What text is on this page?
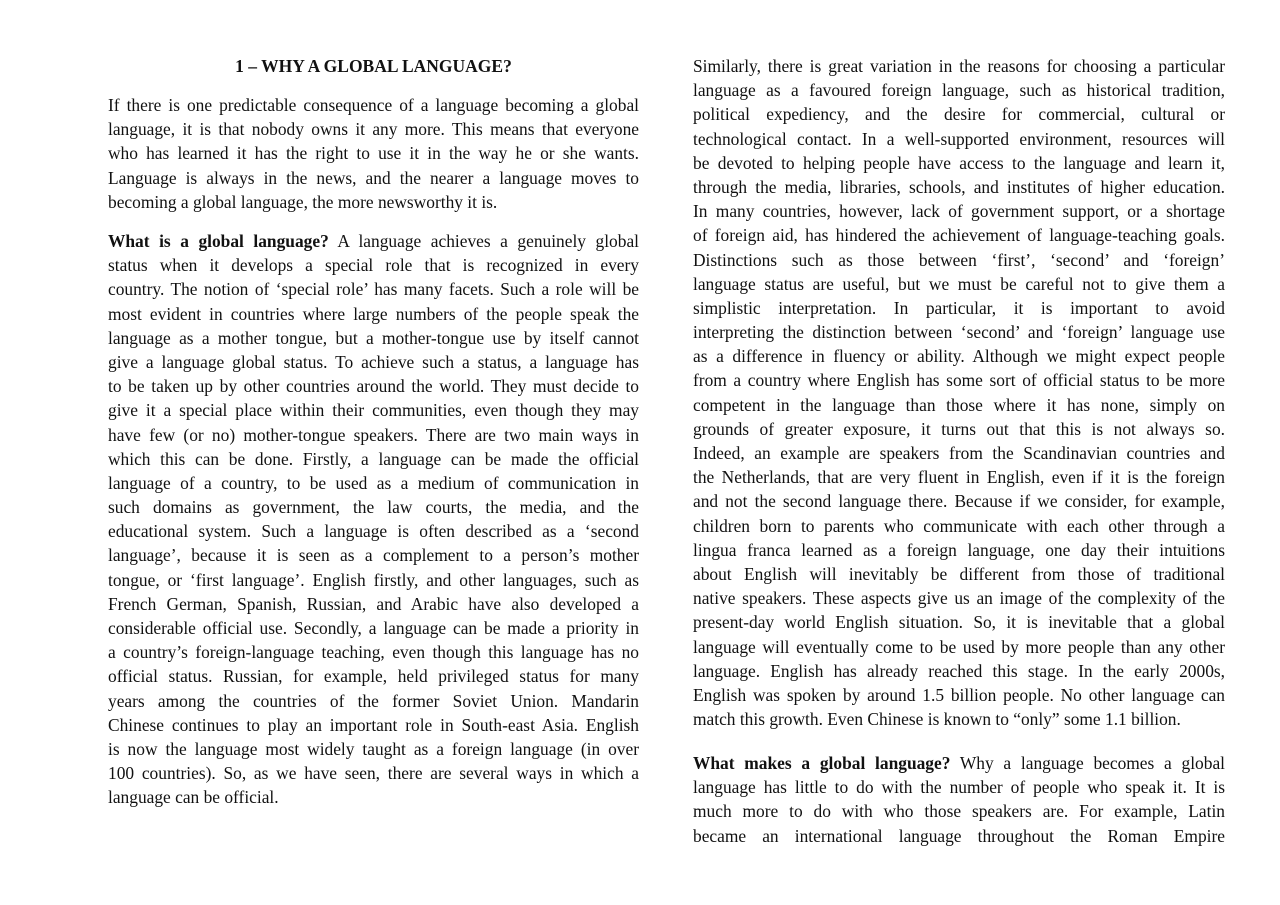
1 – WHY A GLOBAL LANGUAGE?
If there is one predictable consequence of a language becoming a global
language, it is that nobody owns it any more. This means that everyone
who has learned it has the right to use it in the way he or she wants.
Language is always in the news, and the nearer a language moves to
becoming a global language, the more newsworthy it is.
What is a global language? A language achieves a genuinely global
status when it develops a special role that is recognized in every
country. The notion of ‘special role’ has many facets. Such a role will be
most evident in countries where large numbers of the people speak the
language as a mother tongue, but a mother-tongue use by itself cannot
give a language global status. To achieve such a status, a language has
to be taken up by other countries around the world. They must decide to
give it a special place within their communities, even though they may
have few (or no) mother-tongue speakers. There are two main ways in
which this can be done. Firstly, a language can be made the official
language of a country, to be used as a medium of communication in
such domains as government, the law courts, the media, and the
educational system. Such a language is often described as a ‘second
language’, because it is seen as a complement to a person’s mother
tongue, or ‘first language’. English firstly, and other languages, such as
French German, Spanish, Russian, and Arabic have also developed a
considerable official use. Secondly, a language can be made a priority in
a country’s foreign-language teaching, even though this language has no
official status. Russian, for example, held privileged status for many
years among the countries of the former Soviet Union. Mandarin
Chinese continues to play an important role in South-east Asia. English
is now the language most widely taught as a foreign language (in over
100 countries). So, as we have seen, there are several ways in which a
language can be official.
Similarly, there is great variation in the reasons for choosing a particular
language as a favoured foreign language, such as historical tradition,
political expediency, and the desire for commercial, cultural or
technological contact. In a well-supported environment, resources will
be devoted to helping people have access to the language and learn it,
through the media, libraries, schools, and institutes of higher education.
In many countries, however, lack of government support, or a shortage
of foreign aid, has hindered the achievement of language-teaching goals.
Distinctions such as those between ‘first’, ‘second’ and ‘foreign’
language status are useful, but we must be careful not to give them a
simplistic interpretation. In particular, it is important to avoid
interpreting the distinction between ‘second’ and ‘foreign’ language use
as a difference in fluency or ability. Although we might expect people
from a country where English has some sort of official status to be more
competent in the language than those where it has none, simply on
grounds of greater exposure, it turns out that this is not always so.
Indeed, an example are speakers from the Scandinavian countries and
the Netherlands, that are very fluent in English, even if it is the foreign
and not the second language there. Because if we consider, for example,
children born to parents who communicate with each other through a
lingua franca learned as a foreign language, one day their intuitions
about English will inevitably be different from those of traditional
native speakers. These aspects give us an image of the complexity of the
present-day world English situation. So, it is inevitable that a global
language will eventually come to be used by more people than any other
language. English has already reached this stage. In the early 2000s,
English was spoken by around 1.5 billion people. No other language can
match this growth. Even Chinese is known to “only” some 1.1 billion.
What makes a global language? Why a language becomes a global
language has little to do with the number of people who speak it. It is
much more to do with who those speakers are. For example, Latin
became an international language throughout the Roman Empire
